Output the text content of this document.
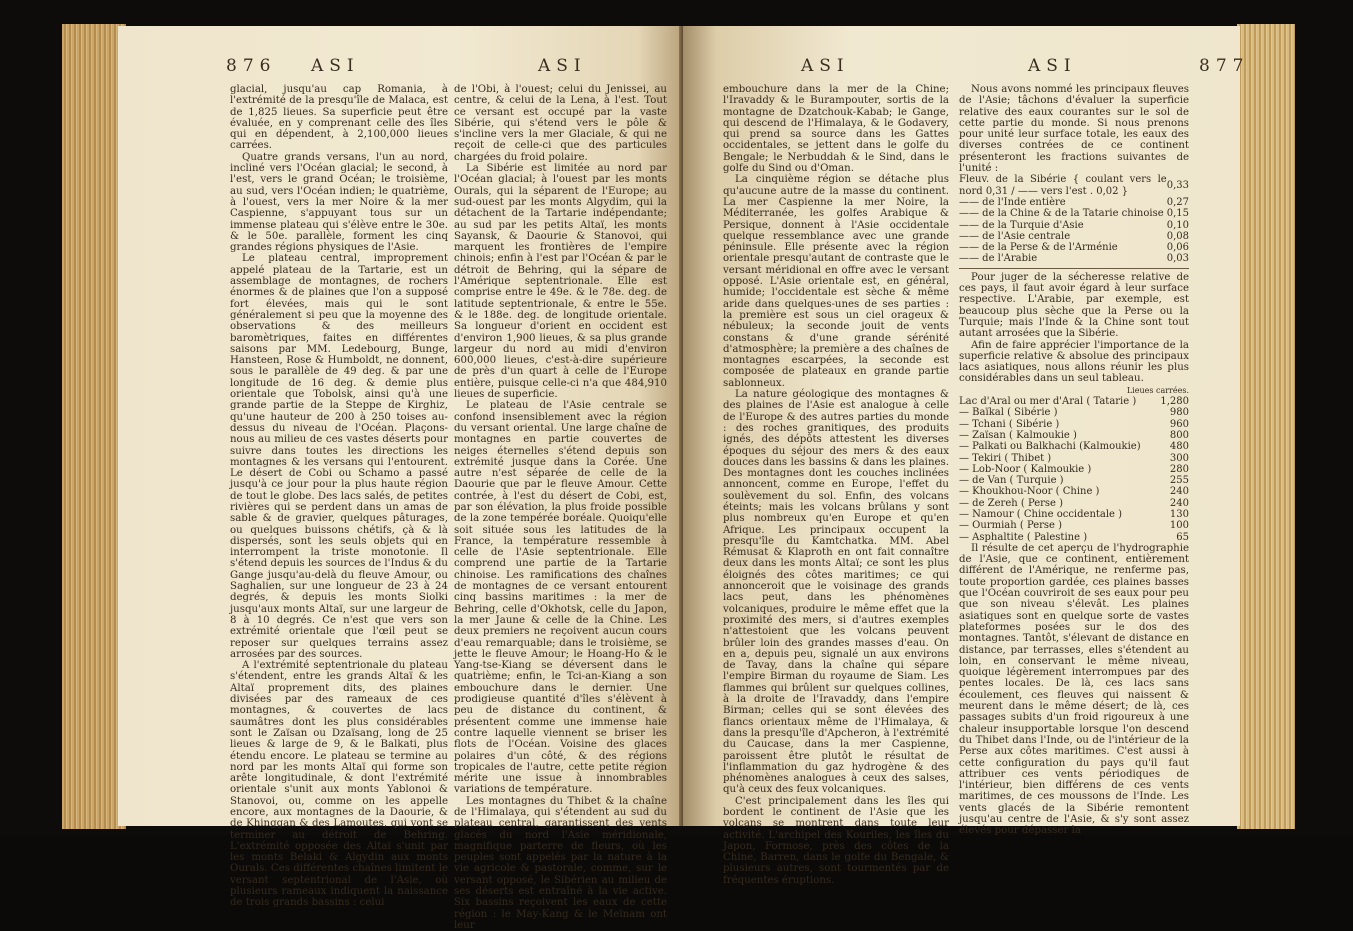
876 ASI	ASI

glacial, jusqu'au cap Romania, à l'extrémité de la presqu'île de Malaca, est de 1,825 lieues. Sa superficie peut être évaluée, en y comprenant celle des îles qui en dépendent, à 2,100,000 lieues carrées.

Quatre grands versans, l'un au nord, incliné vers l'Océan glacial; le second, à l'est, vers le grand Océan; le troisième, au sud, vers l'Océan indien; le quatrième, à l'ouest, vers la mer Noire & la mer Caspienne, s'appuyant tous sur un immense plateau qui s'élève entre le 30e. & le 50e. parallèle, forment les cinq grandes régions physiques de l'Asie.

Le plateau central, improprement appelé plateau de la Tartarie, est un assemblage de montagnes, de rochers énormes & de plaines que l'on a supposé fort élevées, mais qui le sont généralement si peu que la moyenne des observations & des meilleurs baromètriques, faites en différentes saisons par MM. Ledebourg, Bunge, Hansteen, Rose & Humboldt, ne donnent, sous le parallèle de 49 deg. & par une longitude de 16 deg. & demie plus orientale que Tobolsk, ainsi qu'à une grande partie de la Steppe de Kirghiz, qu'une hauteur de 200 à 250 toises au-dessus du niveau de l'Océan. Plaçons-nous au milieu de ces vastes déserts pour suivre dans toutes les directions les montagnes & les versans qui l'entourent. Le désert de Cobi ou Schamo a passé jusqu'à ce jour pour la plus haute région de tout le globe. Des lacs salés, de petites rivières qui se perdent dans un amas de sable & de gravier, quelques pâturages, ou quelques buissons chétifs, çà & là dispersés, sont les seuls objets qui en interrompent la triste monotonie. Il s'étend depuis les sources de l'Indus & du Gange jusqu'au-delà du fleuve Amour, ou Saghalien, sur une longueur de 23 à 24 degrés, & depuis les monts Siolki jusqu'aux monts Altaï, sur une largeur de 8 à 10 degrés. Ce n'est que vers son extrémité orientale que l'œil peut se reposer sur quelques terrains assez arrosées par des sources.

A l'extrémité septentrionale du plateau s'étendent, entre les grands Altaï & les Altaï proprement dits, des plaines divisées par des rameaux de ces montagnes, & couvertes de lacs saumâtres dont les plus considérables sont le Zaïsan ou Dzaïsang, long de 25 lieues & large de 9, & le Balkati, plus étendu encore. Le plateau se termine au nord par les monts Altaï qui forme son arête longitudinale, & dont l'extrémité orientale s'unit aux monts Yablonoi & Stanovoi, ou, comme on les appelle encore, aux montagnes de la Daourie, & de Khinggan & des Lamoutes, qui vont se terminer au détroit de Behring. L'extrémité opposée des Altaï s'unit par les monts Belaki & Algydin aux monts Ourals. Ces différentes chaînes limitent le versant septentrional de l'Asie, où plusieurs rameaux indiquent la naissance de trois grands bassins : celui

de l'Obi, à l'ouest; celui du Jenissei, au centre, & celui de la Lena, à l'est. Tout ce versant est occupé par la vaste Sibérie, qui s'étend vers le pôle & s'incline vers la mer Glaciale, & qui ne reçoit de celle-ci que des particules chargées du froid polaire.

La Sibérie est limitée au nord par l'Océan glacial; à l'ouest par les monts Ourals, qui la séparent de l'Europe; au sud-ouest par les monts Algydim, qui la détachent de la Tartarie indépendante; au sud par les petits Altaï, les monts Sayansk, & Daourie & Stanovoi, qui marquent les frontières de l'empire chinois; enfin à l'est par l'Océan & par le détroit de Behring, qui la sépare de l'Amérique septentrionale. Elle est comprise entre le 49e. & le 78e. deg. de latitude septentrionale, & entre le 55e. & le 188e. deg. de longitude orientale. Sa longueur d'orient en occident est d'environ 1,900 lieues, & sa plus grande largeur du nord au midi d'environ 600,000 lieues, c'est-à-dire supérieure de près d'un quart à celle de l'Europe entière, puisque celle-ci n'a que 484,910 lieues de superficie.

Le plateau de l'Asie centrale se confond insensiblement avec la région du versant oriental. Une large chaîne de montagnes en partie couvertes de neiges éternelles s'étend depuis son extrémité jusque dans la Corée. Une autre n'est séparée de celle de la Daourie que par le fleuve Amour. Cette contrée, à l'est du désert de Cobi, est, par son élévation, la plus froide possible de la zone tempérée boréale. Quoiqu'elle soit située sous les latitudes de la France, la température ressemble à celle de l'Asie septentrionale. Elle comprend une partie de la Tartarie chinoise. Les ramifications des chaînes de montagnes de ce versant entourent cinq bassins maritimes : la mer de Behring, celle d'Okhotsk, celle du Japon, la mer Jaune & celle de la Chine. Les deux premiers ne reçoivent aucun cours d'eau remarquable; dans le troisième, se jette le fleuve Amour; le Hoang-Ho & le Yang-tse-Kiang se déversent dans le quatrième; enfin, le Tci-an-Kiang a son embouchure dans le dernier. Une prodigieuse quantité d'îles s'élèvent à peu de distance du continent, & présentent comme une immense haie contre laquelle viennent se briser les flots de l'Océan. Voisine des glaces polaires d'un côté, & des régions tropicales de l'autre, cette petite région mérite une issue à innombrables variations de température.

Les montagnes du Thibet & la chaîne de l'Himalaya, qui s'étendent au sud du plateau central, garantissent des vents glacés du nord l'Asie méridionale, magnifique parterre de fleurs, où les peuples sont appelés par la nature à la vie agricole & pastorale, comme, sur le versant opposé, le Sibérien au milieu de ses déserts est entraîné à la vie active. Six bassins reçoivent les eaux de cette région : le May-Kang & le Meïnam ont leur

ASI	ASI	877

embouchure dans la mer de la Chine; l'Iravaddy & le Burampouter, sortis de la montagne de Dzatchouk-Kabab; le Gange, qui descend de l'Himalaya, & le Godavery, qui prend sa source dans les Gattes occidentales, se jettent dans le golfe du Bengale; le Nerbuddah & le Sind, dans le golfe du Sind ou d'Oman.

La cinquième région se détache plus qu'aucune autre de la masse du continent. La mer Caspienne la mer Noire, la Méditerranée, les golfes Arabique & Persique, donnent à l'Asie occidentale quelque ressemblance avec une grande péninsule. Elle présente avec la région orientale presqu'autant de contraste que le versant méridional en offre avec le versant opposé. L'Asie orientale est, en général, humide; l'occidentale est sèche & même aride dans quelques-unes de ses parties : la première est sous un ciel orageux & nébuleux; la seconde jouit de vents constans & d'une grande sérénité d'atmosphère; la première a des chaînes de montagnes escarpées, la seconde est composée de plateaux en grande partie sablonneux.

La nature géologique des montagnes & des plaines de l'Asie est analogue à celle de l'Europe & des autres parties du monde : des roches granitiques, des produits ignés, des dépôts attestent les diverses époques du séjour des mers & des eaux douces dans les bassins & dans les plaines. Des montagnes dont les couches inclinées annoncent, comme en Europe, l'effet du soulèvement du sol. Enfin, des volcans éteints; mais les volcans brûlans y sont plus nombreux qu'en Europe et qu'en Afrique. Les principaux occupent la presqu'île du Kamtchatka. MM. Abel Rémusat & Klaproth en ont fait connaître deux dans les monts Altaï; ce sont les plus éloignés des côtes maritimes; ce qui annonceroit que le voisinage des grands lacs peut, dans les phénomènes volcaniques, produire le même effet que la proximité des mers, si d'autres exemples n'attestoient que les volcans peuvent brûler loin des grandes masses d'eau. On en a, depuis peu, signalé un aux environs de Tavay, dans la chaîne qui sépare l'empire Birman du royaume de Siam. Les flammes qui brûlent sur quelques collines, à la droite de l'Iravaddy, dans l'empire Birman; celles qui se sont élevées des flancs orientaux même de l'Himalaya, & dans la presqu'île d'Apcheron, à l'extrémité du Caucase, dans la mer Caspienne, paroissent être plutôt le résultat de l'inflammation du gaz hydrogène & des phénomènes analogues à ceux des salses, qu'à ceux des feux volcaniques.

C'est principalement dans les îles qui bordent le continent de l'Asie que les volcans se montrent dans toute leur activité. L'archipel des Kouriles, les îles du Japon, Formose, près des côtes de la Chine, Barren, dans le golfe du Bengale, & plusieurs autres, sont tourmentés par de fréquentes éruptions.

Nous avons nommé les principaux fleuves de l'Asie; tâchons d'évaluer la superficie relative des eaux courantes sur le sol de cette partie du monde. Si nous prenons pour unité leur surface totale, les eaux des diverses contrées de ce continent présenteront les fractions suivantes de l'unité :

Fleuv. de la Sibérie { coulant vers le nord 0,31 / —— vers l'est . 0,02 }	0,33
—— de l'Inde entière	0,27
—— de la Chine & de la Tatarie chinoise	0,15
—— de la Turquie d'Asie	0,10
—— de l'Asie centrale	0,08
—— de la Perse & de l'Arménie	0,06
—— de l'Arabie	0,03

Pour juger de la sécheresse relative de ces pays, il faut avoir égard à leur surface respective. L'Arabie, par exemple, est beaucoup plus sèche que la Perse ou la Turquie; mais l'Inde & la Chine sont tout autant arrosées que la Sibérie.

Afin de faire apprécier l'importance de la superficie relative & absolue des principaux lacs asiatiques, nous allons réunir les plus considérables dans un seul tableau.

Lieues carrées.
Lac d'Aral ou mer d'Aral ( Tatarie )	1,280
— Baïkal ( Sibérie )	980
— Tchani ( Sibérie )	960
— Zaïsan ( Kalmoukie )	800
— Palkati ou Balkhachi (Kalmoukie)	480
— Tekiri ( Thibet )	300
— Lob-Noor ( Kalmoukie )	280
— de Van ( Turquie )	255
— Khoukhou-Noor ( Chine )	240
— de Zereh ( Perse )	240
— Namour ( Chine occidentale )	130
— Ourmiah ( Perse )	100
— Asphaltite ( Palestine )	65

Il résulte de cet aperçu de l'hydrographie de l'Asie, que ce continent, entièrement différent de l'Amérique, ne renferme pas, toute proportion gardée, ces plaines basses que l'Océan couvriroit de ses eaux pour peu que son niveau s'élevât. Les plaines asiatiques sont en quelque sorte de vastes plateformes posées sur le dos des montagnes. Tantôt, s'élevant de distance en distance, par terrasses, elles s'étendent au loin, en conservant le même niveau, quoique légèrement interrompues par des pentes locales. De là, ces lacs sans écoulement, ces fleuves qui naissent & meurent dans le même désert; de là, ces passages subits d'un froid rigoureux à une chaleur insupportable lorsque l'on descend du Thibet dans l'Inde, ou de l'intérieur de la Perse aux côtes maritimes. C'est aussi à cette configuration du pays qu'il faut attribuer ces vents périodiques de l'intérieur, bien différens de ces vents maritimes, de ces moussons de l'Inde. Les vents glacés de la Sibérie remontent jusqu'au centre de l'Asie, & s'y sont assez élevés pour dépasser la
